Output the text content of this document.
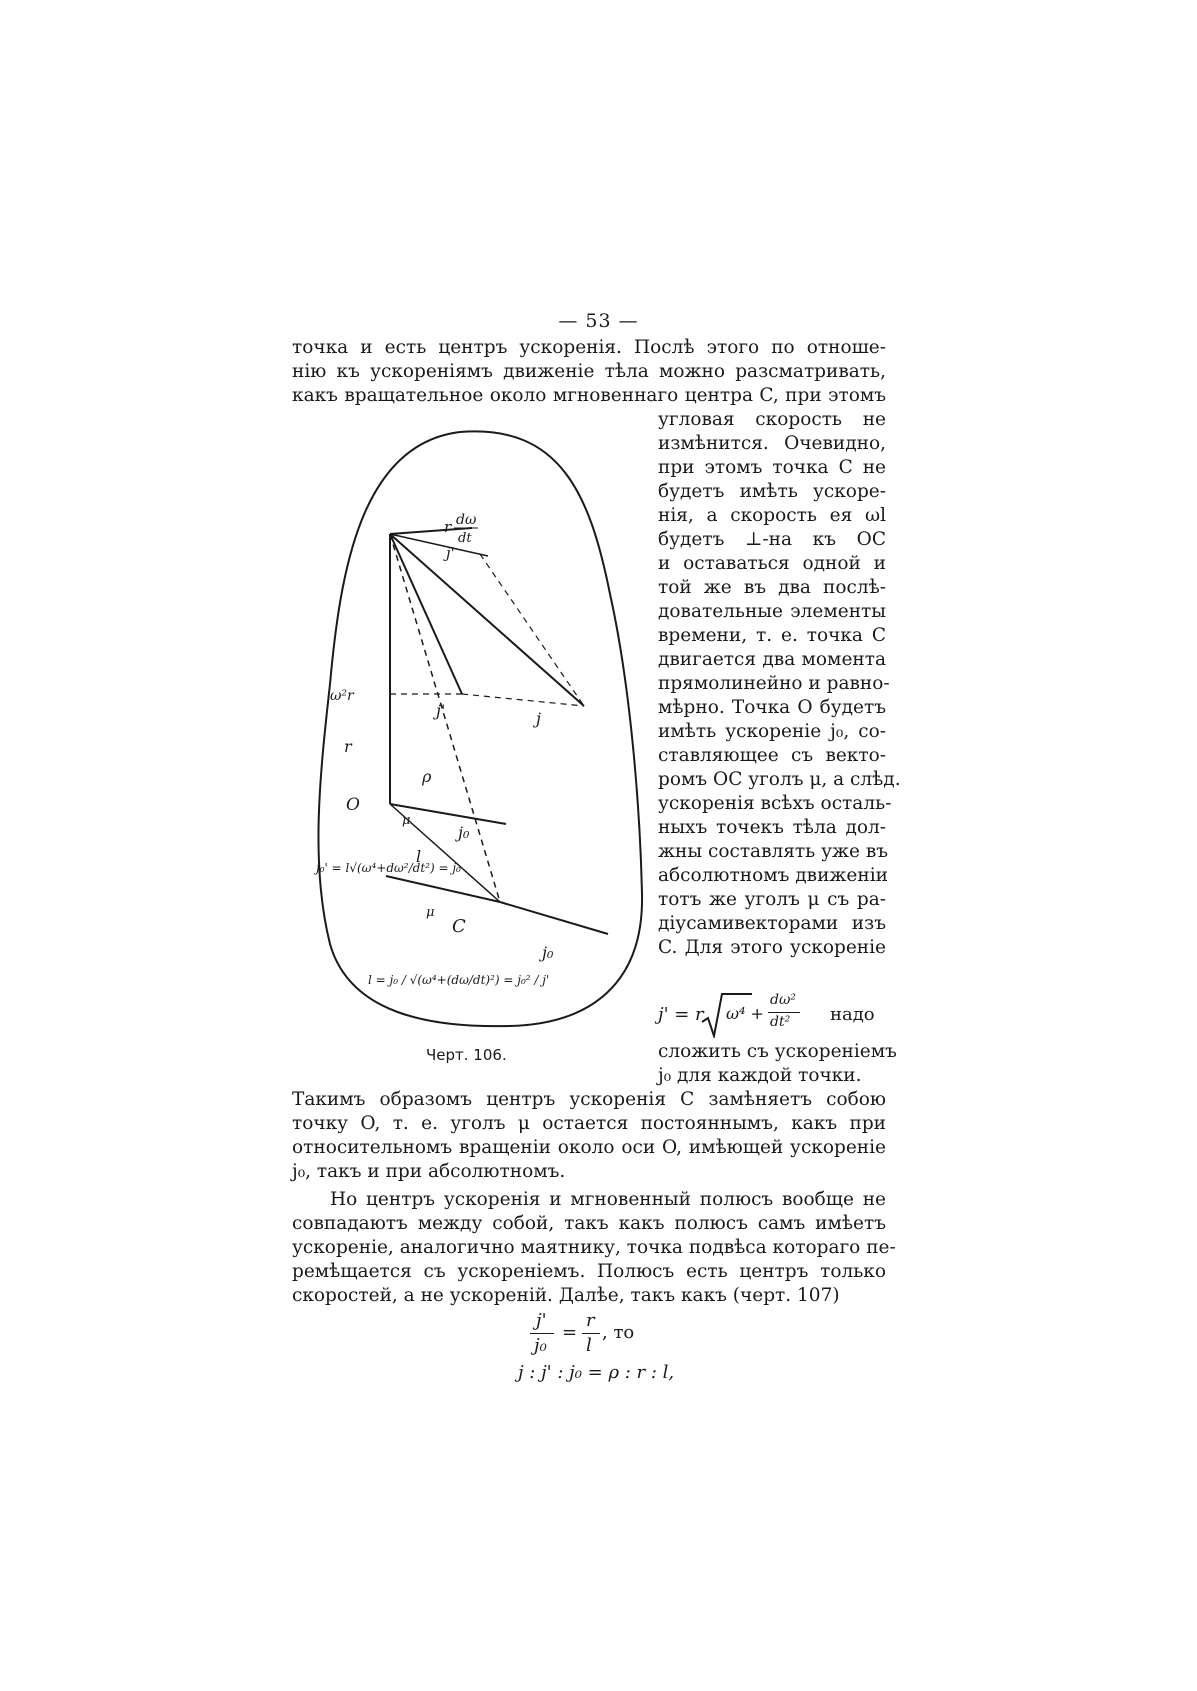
— 53 —
точка и есть центръ ускоренія. Послѣ этого по отноше-
нію къ ускореніямъ движеніе тѣла можно разсматривать,
какъ вращательное около мгновеннаго центра C, при этомъ
угловая скорость не
измѣнится. Очевидно,
при этомъ точка C не
будетъ имѣть ускоре-
нія, а скорость ея ωl
будетъ ⊥-на къ OC
и оставаться одной и
той же въ два послѣ-
довательные элементы
времени, т. е. точка C
двигается два момента
прямолинейно и равно-
мѣрно. Точка O будетъ
имѣть ускореніе j₀, со-
ставляющее съ векто-
ромъ OC уголъ μ, а слѣд.
ускоренія всѣхъ осталь-
ныхъ точекъ тѣла дол-
жны составлять уже въ
абсолютномъ движеніи
тотъ же уголъ μ съ ра-
діусамивекторами изъ
C. Для этого ускореніе
j' = r ω⁴ +
dω²
dt² надо
сложить съ ускореніемъ
j₀ для каждой точки.
Черт. 106.
Такимъ образомъ центръ ускоренія C замѣняетъ собою
точку O, т. е. уголъ μ остается постояннымъ, какъ при
относительномъ вращеніи около оси O, имѣющей ускореніе
j₀, такъ и при абсолютномъ.
Но центръ ускоренія и мгновенный полюсъ вообще не
совпадаютъ между собой, такъ какъ полюсъ самъ имѣетъ
ускореніе, аналогично маятнику, точка подвѣса котораго пе-
ремѣщается съ ускореніемъ. Полюсъ есть центръ только
скоростей, а не ускореній. Далѣе, такъ какъ (черт. 107)
j'
j₀
=
r
l
, то
j : j' : j₀ = ρ : r : l,
r dω
dt
j'
ω²r
r
j'	j
ρ
O
μ
μ
j₀
l
C
j₀
j₀' = l√(ω⁴+dω²/dt²) = j₀
l = j₀ / √(ω⁴+(dω/dt)²) = j₀² / j'
